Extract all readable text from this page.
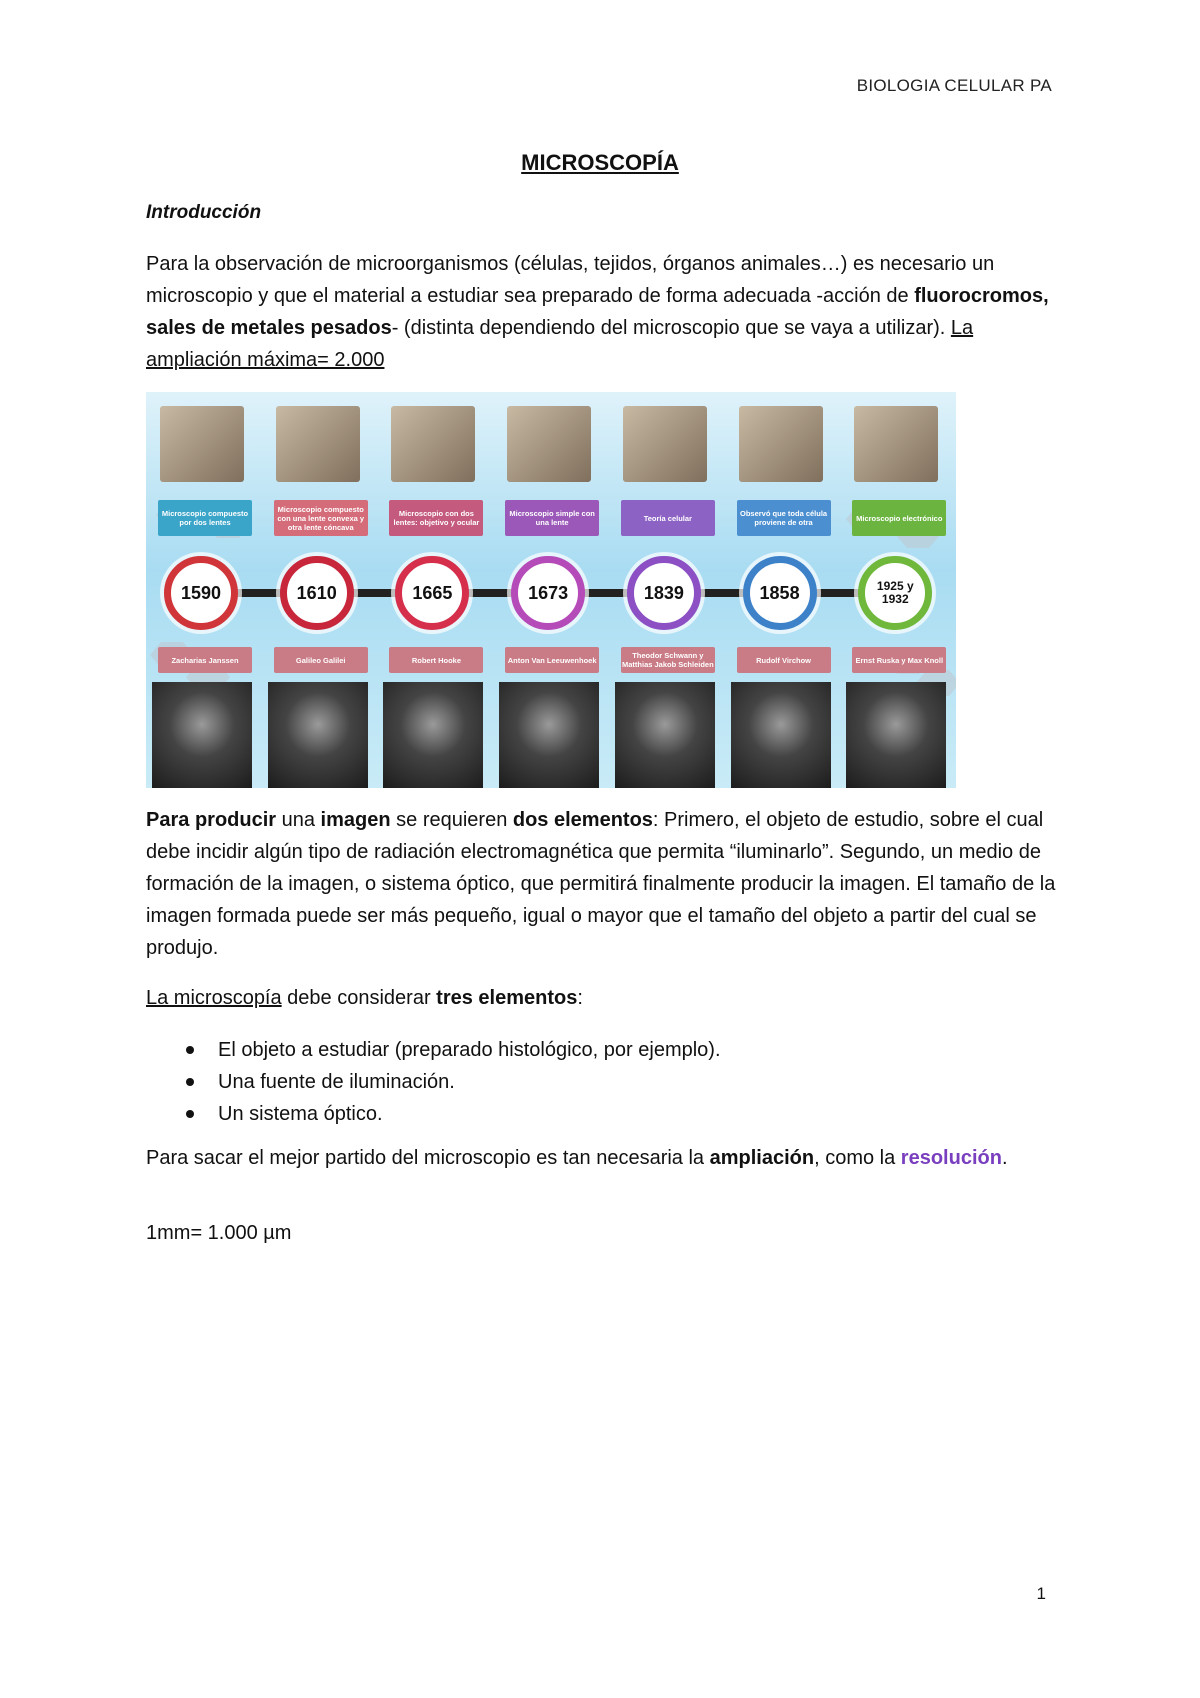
BIOLOGIA CELULAR PA
MICROSCOPÍA
Introducción
Para la observación de microorganismos (células, tejidos, órganos animales…) es necesario un microscopio y que el material a estudiar sea preparado de forma adecuada -acción de fluorocromos, sales de metales pesados- (distinta dependiendo del microscopio que se vaya a utilizar). La ampliación máxima= 2.000
Microscopio compuesto por dos lentes
1590
Zacharias Janssen
Microscopio compuesto con una lente convexa y otra lente cóncava
1610
Galileo Galilei
Microscopio con dos lentes: objetivo y ocular
1665
Robert Hooke
Microscopio simple con una lente
1673
Anton Van Leeuwenhoek
Teoría celular
1839
Theodor Schwann y Matthias Jakob Schleiden
Observó que toda célula proviene de otra
1858
Rudolf Virchow
Microscopio electrónico
1925 y 1932
Ernst Ruska y Max Knoll
Para producir una imagen se requieren dos elementos: Primero, el objeto de estudio, sobre el cual debe incidir algún tipo de radiación electromagnética que permita “iluminarlo”. Segundo, un medio de formación de la imagen, o sistema óptico, que permitirá finalmente producir la imagen. El tamaño de la imagen formada puede ser más pequeño, igual o mayor que el tamaño del objeto a partir del cual se produjo.
La microscopía debe considerar tres elementos:
El objeto a estudiar (preparado histológico, por ejemplo).
Una fuente de iluminación.
Un sistema óptico.
Para sacar el mejor partido del microscopio es tan necesaria la ampliación, como la resolución.
1mm= 1.000 µm
1
